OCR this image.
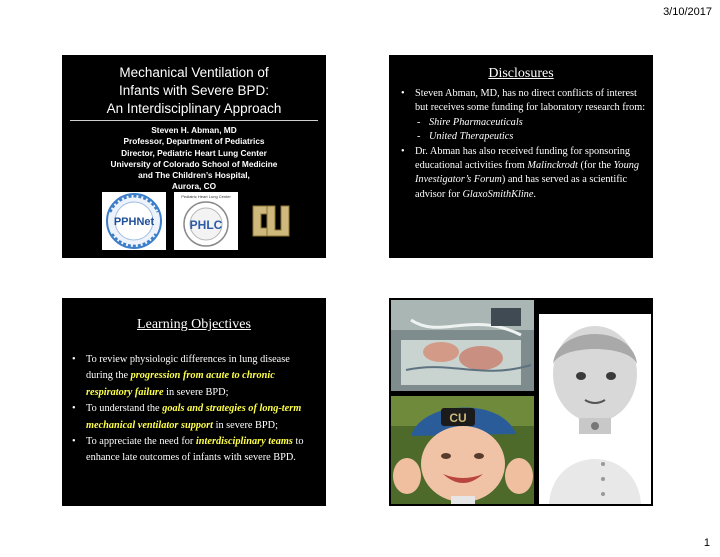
3/10/2017
Mechanical Ventilation of
Infants with Severe BPD:
An Interdisciplinary Approach
Steven H. Abman, MD
Professor, Department of Pediatrics
Director, Pediatric Heart Lung Center
University of Colorado School of Medicine
and The Children’s Hospital,
Aurora, CO
PPHNet
Pediatric Heart Lung Center
PHLC
Disclosures
• Steven Abman, MD, has no direct conflicts of interest but receives some funding for laboratory research from:
- Shire Pharmaceuticals
- United Therapeutics
• Dr. Abman has also received funding for sponsoring educational activities from Malinckrodt (for the Young Investigator’s Forum) and has served as a scientific advisor for GlaxoSmithKline.
Learning Objectives
• To review physiologic differences in lung disease during the progression from acute to chronic respiratory failure in severe BPD;
• To understand the goals and strategies of long-term mechanical ventilator support in severe BPD;
• To appreciate the need for interdisciplinary teams to enhance late outcomes of infants with severe BPD.
CU
1
